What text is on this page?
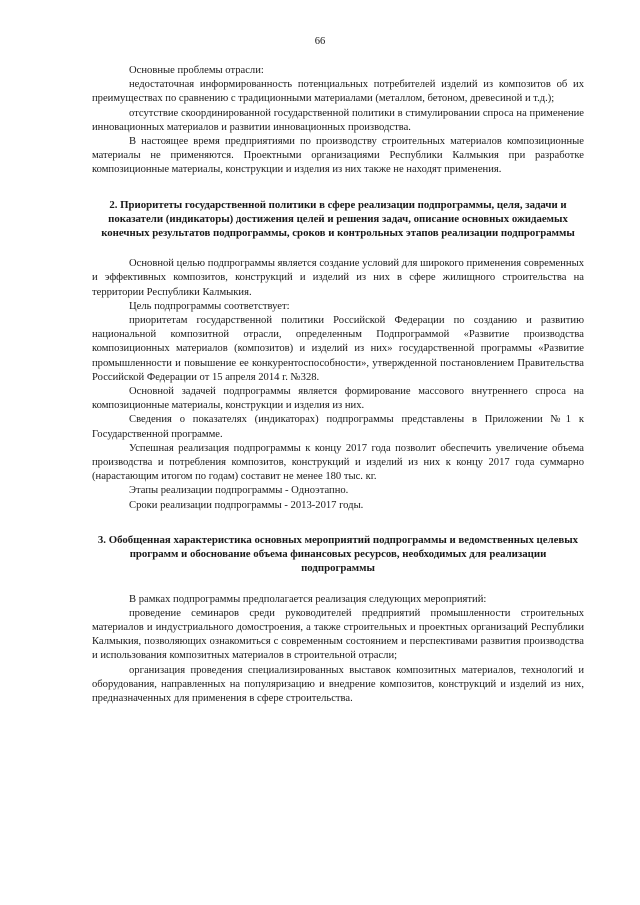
66

Основные проблемы отрасли:

недостаточная информированность потенциальных потребителей изделий из композитов об их преимуществах по сравнению с традиционными материалами (металлом, бетоном, древесиной и т.д.);

отсутствие скоординированной государственной политики в стимулировании спроса на применение инновационных материалов и развитии инновационных производства.

В настоящее время предприятиями по производству строительных материалов композиционные материалы не применяются. Проектными организациями Республики Калмыкия при разработке композиционные материалы, конструкции и изделия из них также не находят применения.

2. Приоритеты государственной политики в сфере реализации подпрограммы, целя, задачи и показатели (индикаторы) достижения целей и решения задач, описание основных ожидаемых конечных результатов подпрограммы, сроков и контрольных этапов реализации подпрограммы

Основной целью подпрограммы является создание условий для широкого применения современных и эффективных композитов, конструкций и изделий из них в сфере жилищного строительства на территории Республики Калмыкия.

Цель подпрограммы соответствует:

приоритетам государственной политики Российской Федерации по созданию и развитию национальной композитной отрасли, определенным Подпрограммой «Развитие производства композиционных материалов (композитов) и изделий из них» государственной программы «Развитие промышленности и повышение ее конкурентоспособности», утвержденной постановлением Правительства Российской Федерации от 15 апреля 2014 г. №328.

Основной задачей подпрограммы является формирование массового внутреннего спроса на композиционные материалы, конструкции и изделия из них.

Сведения о показателях (индикаторах) подпрограммы представлены в Приложении №1 к Государственной программе.

Успешная реализация подпрограммы к концу 2017 года позволит обеспечить увеличение объема производства и потребления композитов, конструкций и изделий из них к концу 2017 года суммарно (нарастающим итогом по годам) составит не менее 180 тыс. кг.

Этапы реализации подпрограммы - Одноэтапно.

Сроки реализации подпрограммы - 2013-2017 годы.

3. Обобщенная характеристика основных мероприятий подпрограммы и ведомственных целевых программ и обоснование объема финансовых ресурсов, необходимых для реализации подпрограммы

В рамках подпрограммы предполагается реализация следующих мероприятий:

проведение семинаров среди руководителей предприятий промышленности строительных материалов и индустриального домостроения, а также строительных и проектных организаций Республики Калмыкия, позволяющих ознакомиться с современным состоянием и перспективами развития производства и использования композитных материалов в строительной отрасли;

организация проведения специализированных выставок композитных материалов, технологий и оборудования, направленных на популяризацию и внедрение композитов, конструкций и изделий из них, предназначенных для применения в сфере строительства.
